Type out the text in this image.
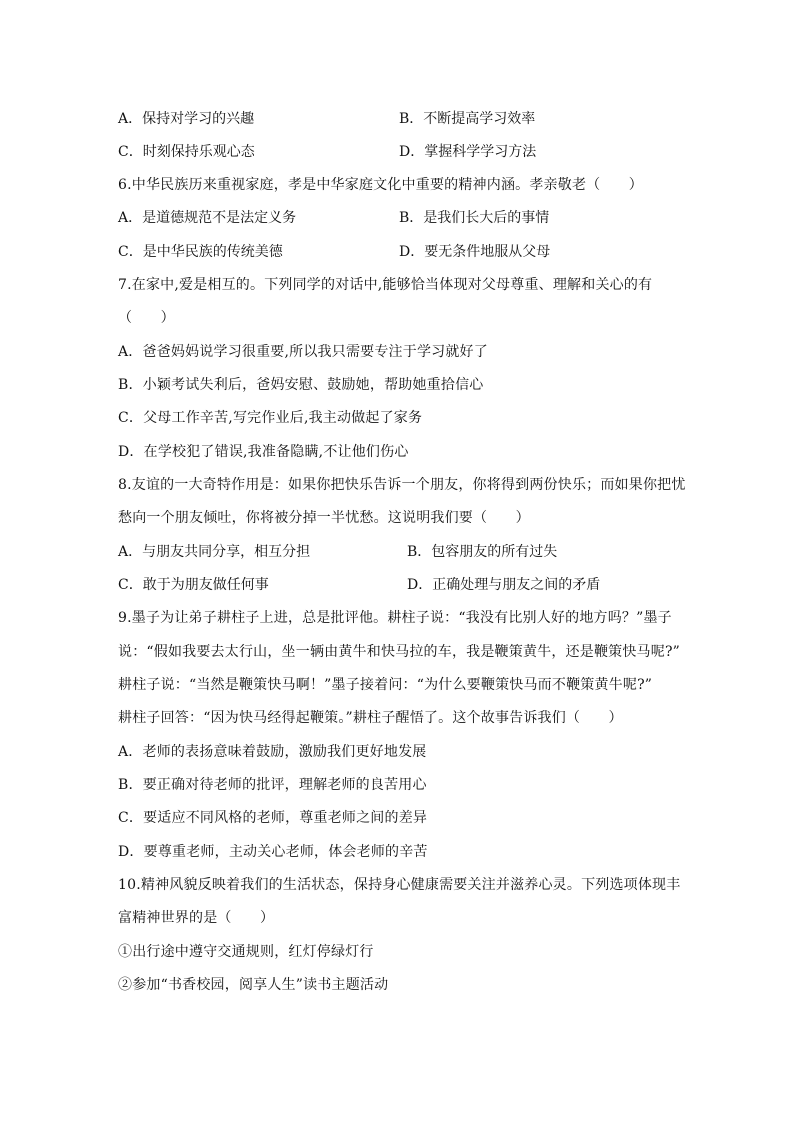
A．保持对学习的兴趣	B．不断提高学习效率
C．时刻保持乐观心态	D．掌握科学学习方法
6.中华民族历来重视家庭，孝是中华家庭文化中重要的精神内涵。孝亲敬老（　　）
A．是道德规范不是法定义务	B．是我们长大后的事情
C．是中华民族的传统美德	D．要无条件地服从父母
7.在家中,爱是相互的。下列同学的对话中,能够恰当体现对父母尊重、理解和关心的有
（　　）
A．爸爸妈妈说学习很重要,所以我只需要专注于学习就好了
B．小颖考试失利后，爸妈安慰、鼓励她，帮助她重拾信心
C．父母工作辛苦,写完作业后,我主动做起了家务
D．在学校犯了错误,我准备隐瞒,不让他们伤心
8.友谊的一大奇特作用是：如果你把快乐告诉一个朋友，你将得到两份快乐；而如果你把忧
愁向一个朋友倾吐，你将被分掉一半忧愁。这说明我们要（　　）
A．与朋友共同分享，相互分担	B．包容朋友的所有过失
C．敢于为朋友做任何事	D．正确处理与朋友之间的矛盾
9.墨子为让弟子耕柱子上进，总是批评他。耕柱子说：“我没有比别人好的地方吗？”墨子
说：“假如我要去太行山，坐一辆由黄牛和快马拉的车，我是鞭策黄牛，还是鞭策快马呢?”
耕柱子说：“当然是鞭策快马啊！”墨子接着问：“为什么要鞭策快马而不鞭策黄牛呢?”
耕柱子回答：“因为快马经得起鞭策。”耕柱子醒悟了。这个故事告诉我们（　　）
A．老师的表扬意味着鼓励，激励我们更好地发展
B．要正确对待老师的批评，理解老师的良苦用心
C．要适应不同风格的老师，尊重老师之间的差异
D．要尊重老师，主动关心老师，体会老师的辛苦
10.精神风貌反映着我们的生活状态，保持身心健康需要关注并滋养心灵。下列选项体现丰
富精神世界的是（　　）
①出行途中遵守交通规则，红灯停绿灯行
②参加“书香校园，阅享人生”读书主题活动
